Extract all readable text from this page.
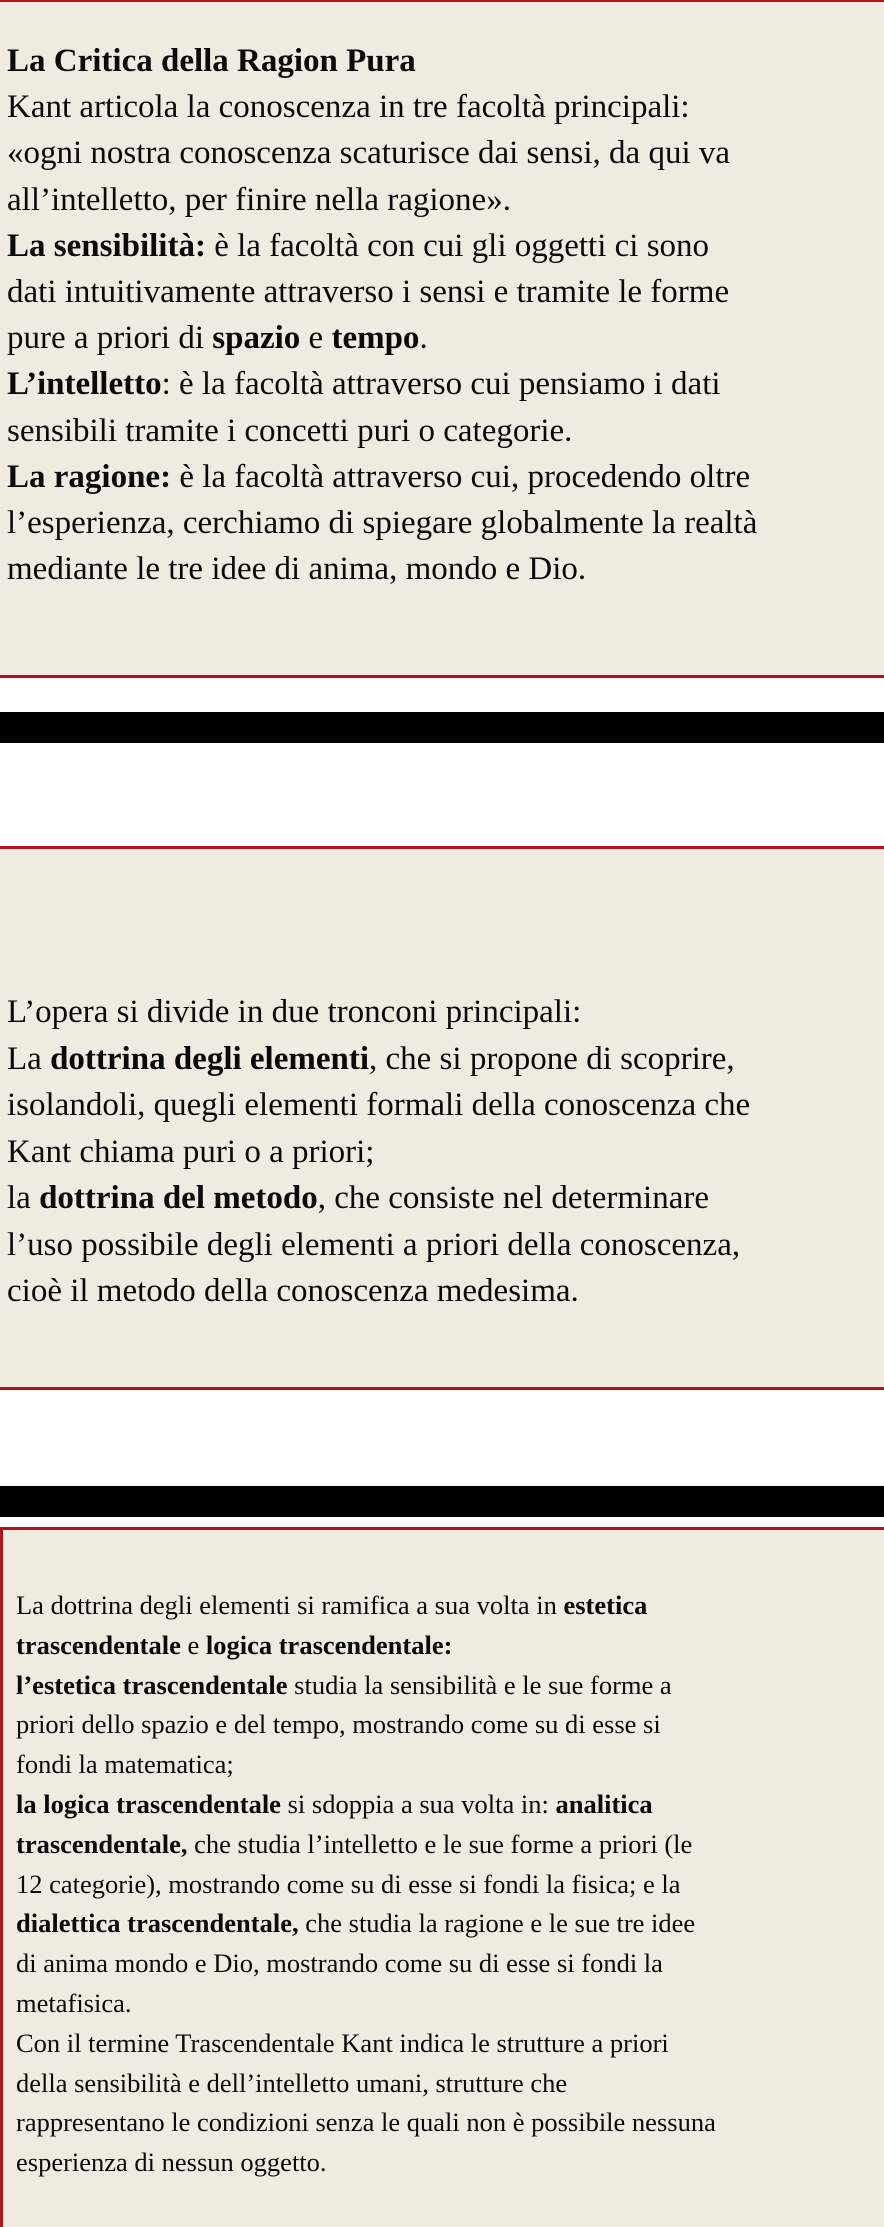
La Critica della Ragion Pura
Kant articola la conoscenza in tre facoltà principali:
«ogni nostra conoscenza scaturisce dai sensi, da qui va
all’intelletto, per finire nella ragione».
La sensibilità: è la facoltà con cui gli oggetti ci sono
dati intuitivamente attraverso i sensi e tramite le forme
pure a priori di spazio e tempo.
L’intelletto: è la facoltà attraverso cui pensiamo i dati
sensibili tramite i concetti puri o categorie.
La ragione: è la facoltà attraverso cui, procedendo oltre
l’esperienza, cerchiamo di spiegare globalmente la realtà
mediante le tre idee di anima, mondo e Dio.
L’opera si divide in due tronconi principali:
La dottrina degli elementi, che si propone di scoprire,
isolandoli, quegli elementi formali della conoscenza che
Kant chiama puri o a priori;
la dottrina del metodo, che consiste nel determinare
l’uso possibile degli elementi a priori della conoscenza,
cioè il metodo della conoscenza medesima.
La dottrina degli elementi si ramifica a sua volta in estetica
trascendentale e logica trascendentale:
l’estetica trascendentale studia la sensibilità e le sue forme a
priori dello spazio e del tempo, mostrando come su di esse si
fondi la matematica;
la logica trascendentale si sdoppia a sua volta in: analitica
trascendentale, che studia l’intelletto e le sue forme a priori (le
12 categorie), mostrando come su di esse si fondi la fisica; e la
dialettica trascendentale, che studia la ragione e le sue tre idee
di anima mondo e Dio, mostrando come su di esse si fondi la
metafisica.
Con il termine Trascendentale Kant indica le strutture a priori
della sensibilità e dell’intelletto umani, strutture che
rappresentano le condizioni senza le quali non è possibile nessuna
esperienza di nessun oggetto.
